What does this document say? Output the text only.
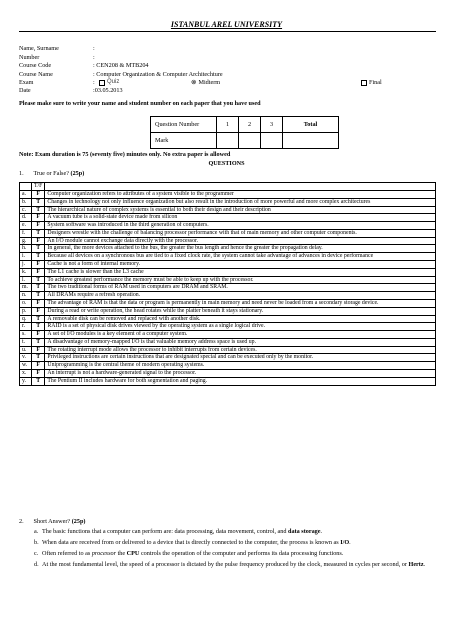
ISTANBUL AREL UNIVERSITY
Name, Surname	:
Number	:
Course Code	: CEN208 & MTB204
Course Name	: Computer Organization & Computer Architechture
Exam	:	Quiz	⊗ Midterm	Final
Date	:03.05.2013
Please make sure to write your name and student number on each paper that you have used
Question Number	1	2	3	Total
Mark				
Note: Exam duration is 75 (seventy five) minutes only. No extra paper is allowed
QUESTIONS
1. True or False? (25p)
	T/F	
a.	F	Computer organization refers to attributes of a system visible to the programmer
b.	T	Changes in technology not only influence organization but also result in the introduction of more powerful and more complex architectures
c.	T	The hierarchical nature of complex systems is essential to both their design and their description
d.	F	A vacuum tube is a solid-state device made from silicon
e.	F	System software was introduced in the third generation of computers.
f.	T	Designers wrestle with the challenge of balancing processor performance with that of main memory and other computer components.
g.	F	An I/O module cannot exchange data directly with the processor.
h.	T	In general, the more devices attached to the bus, the greater the bus length and hence the greater the propagation delay.
i.	T	Because all devices on a synchronous bus are tied to a fixed clock rate, the system cannot take advantage of advances in device performance
j.	F	Cache is not a form of internal memory.
k.	F	The L1 cache is slower than the L3 cache
l.	T	To achieve greatest performance the memory must be able to keep up with the processor.
m.	T	The two traditional forms of RAM used in computers are DRAM and SRAM.
n.	T	All DRAMs require a refresh operation.
o.	F	The advantage of RAM is that the data or program is permanently in main memory and need never be loaded from a secondary storage device.
p.	F	During a read or write operation, the head rotates while the platter beneath it stays stationary.
q.	T	A removable disk can be removed and replaced with another disk.
r.	T	RAID is a set of physical disk drives viewed by the operating system as a single logical drive.
s.	F	A set of I/O modules is a key element of a computer system.
t.	T	A disadvantage of memory-mapped I/O is that valuable memory address space is used up.
u.	F	The rotating interrupt mode allows the processor to inhibit interrupts from certain devices.
v.	T	Privileged instructions are certain instructions that are designated special and can be executed only by the monitor.
w.	F	Uniprogramming is the central theme of modern operating systems.
x.	F	An interrupt is not a hardware-generated signal to the processor.
y.	T	The Pentium II includes hardware for both segmentation and paging.
2. Short Answer? (25p)
a. The basic functions that a computer can perform are: data processing, data movement, control, and data storage.
b. When data are received from or delivered to a device that is directly connected to the computer, the process is known as I/O.
c. Often referred to as processor the CPU controls the operation of the computer and performs its data processing functions.
d. At the most fundamental level, the speed of a processor is dictated by the pulse frequency produced by the clock, measured in cycles per second, or Hertz.
